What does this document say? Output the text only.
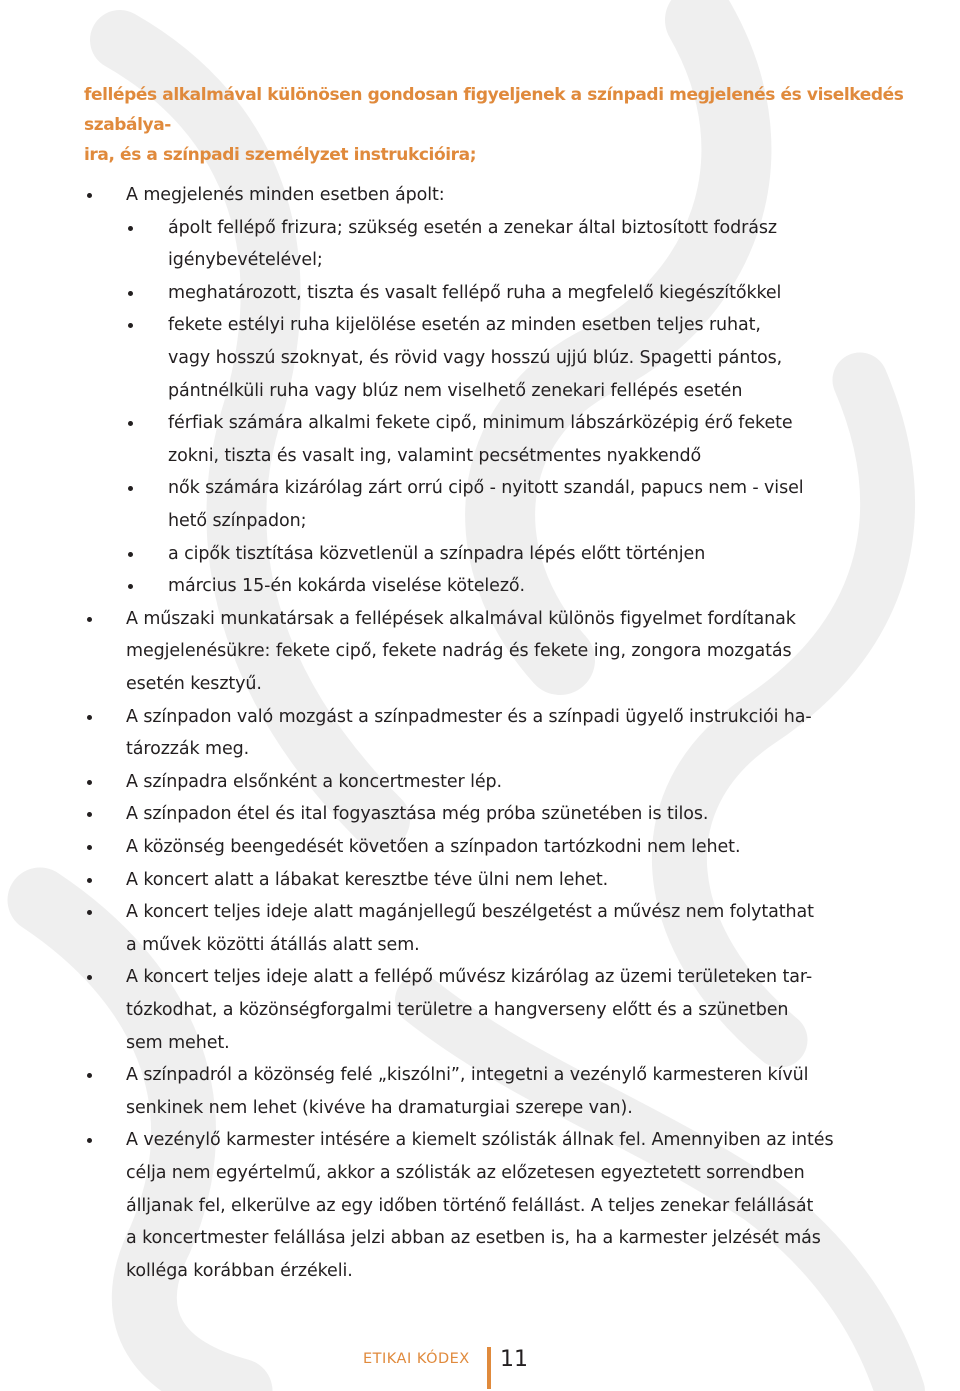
fellépés alkalmával különösen gondosan figyeljenek a színpadi megjelenés és viselkedés szabálya-
ira, és a színpadi személyzet instrukcióira;
A megjelenés minden esetben ápolt:
ápolt fellépő frizura; szükség esetén a zenekar által biztosított fodrász
igénybevételével;
meghatározott, tiszta és vasalt fellépő ruha a megfelelő kiegészítőkkel
fekete estélyi ruha kijelölése esetén az minden esetben teljes ruhat,
vagy hosszú szoknyat, és rövid vagy hosszú ujjú blúz. Spagetti pántos,
pántnélküli ruha vagy blúz nem viselhető zenekari fellépés esetén
férfiak számára alkalmi fekete cipő, minimum lábszárközépig érő fekete
zokni, tiszta és vasalt ing, valamint pecsétmentes nyakkendő
nők számára kizárólag zárt orrú cipő - nyitott szandál, papucs nem - visel
hető színpadon;
a cipők tisztítása közvetlenül a színpadra lépés előtt történjen
március 15-én kokárda viselése kötelező.
A műszaki munkatársak a fellépések alkalmával különös figyelmet fordítanak
megjelenésükre: fekete cipő, fekete nadrág és fekete ing, zongora mozgatás
esetén kesztyű.
A színpadon való mozgást a színpadmester és a színpadi ügyelő instrukciói ha-
tározzák meg.
A színpadra elsőnként a koncertmester lép.
A színpadon étel és ital fogyasztása még próba szünetében is tilos.
A közönség beengedését követően a színpadon tartózkodni nem lehet.
A koncert alatt a lábakat keresztbe téve ülni nem lehet.
A koncert teljes ideje alatt magánjellegű beszélgetést a művész nem folytathat
a művek közötti átállás alatt sem.
A koncert teljes ideje alatt a fellépő művész kizárólag az üzemi területeken tar-
tózkodhat, a közönségforgalmi területre a hangverseny előtt és a szünetben
sem mehet.
A színpadról a közönség felé „kiszólni”, integetni a vezénylő karmesteren kívül
senkinek nem lehet (kivéve ha dramaturgiai szerepe van).
A vezénylő karmester intésére a kiemelt szólisták állnak fel. Amennyiben az intés
célja nem egyértelmű, akkor a szólisták az előzetesen egyeztetett sorrendben
álljanak fel, elkerülve az egy időben történő felállást. A teljes zenekar felállását
a koncertmester felállása jelzi abban az esetben is, ha a karmester jelzését más
kolléga korábban érzékeli.
ETIKAI KÓDEX 11
